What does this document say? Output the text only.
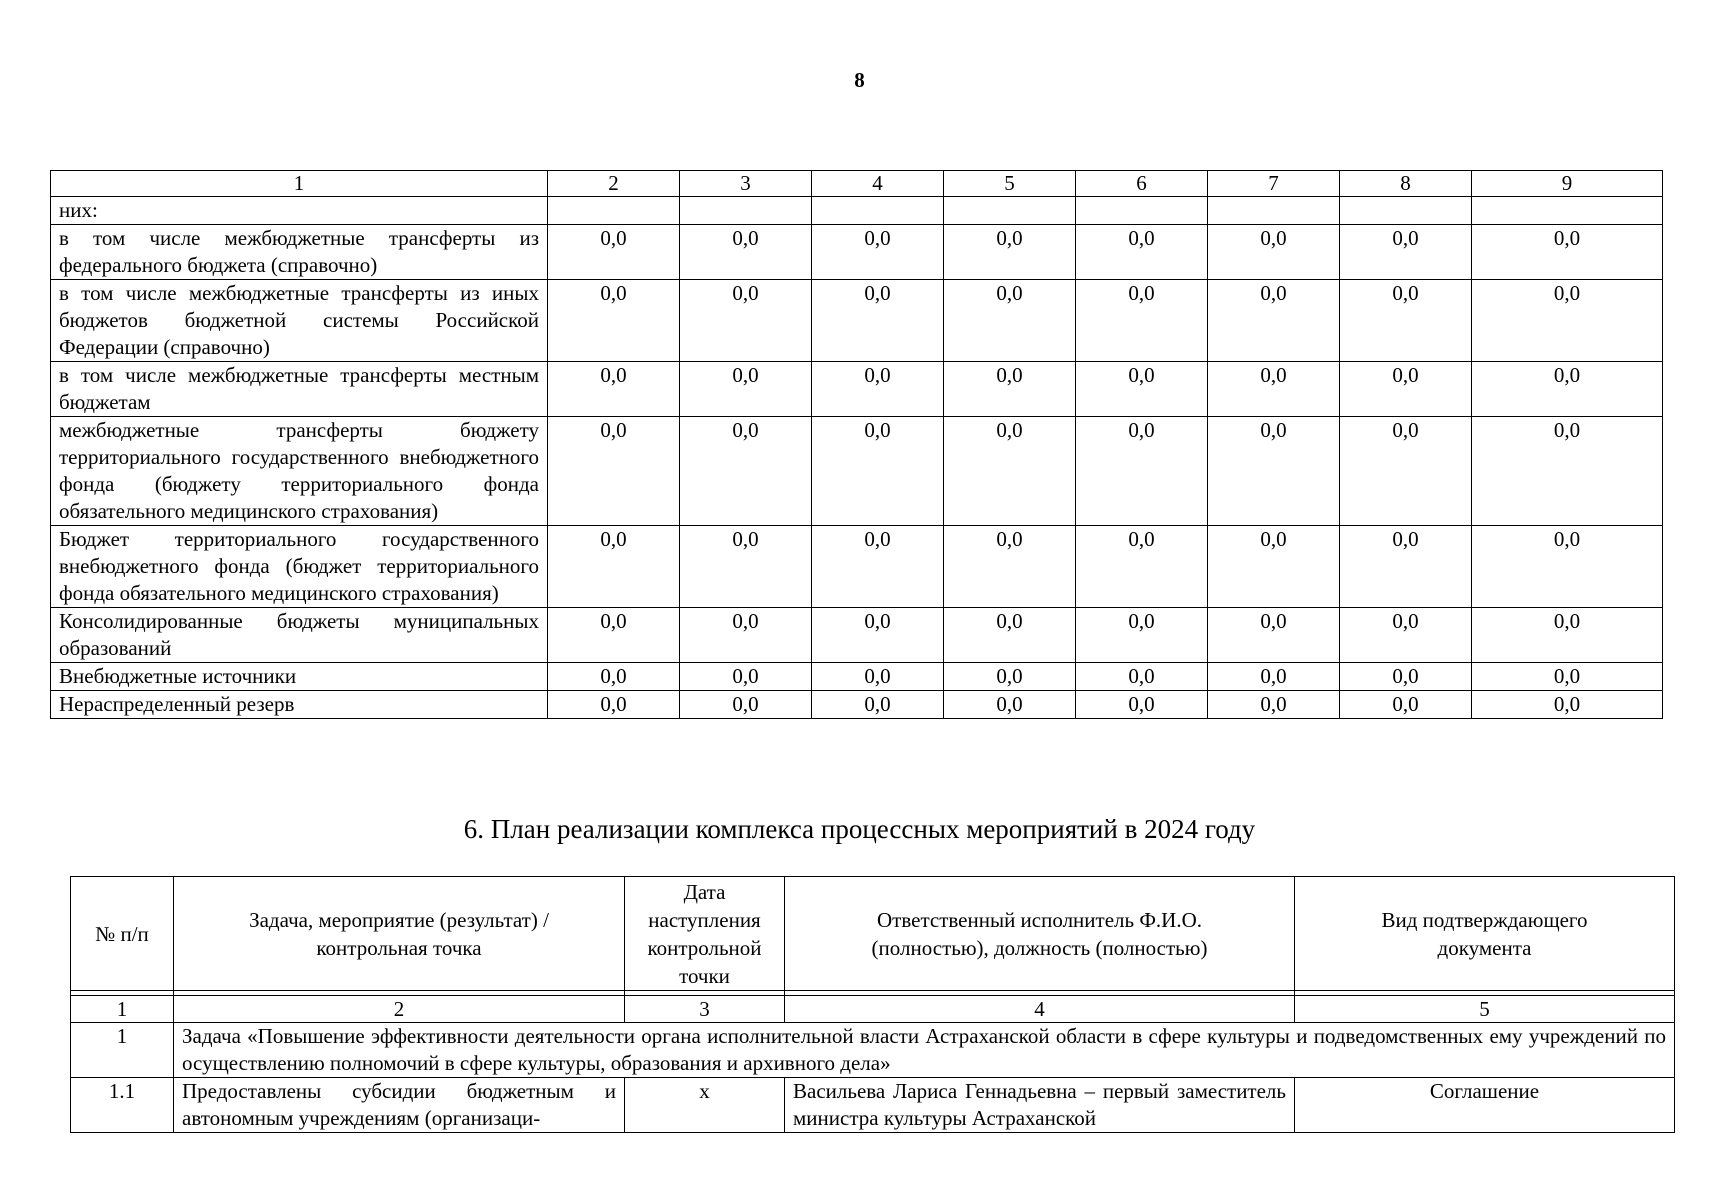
8
1	2	3	4	5	6	7	8	9
них:								
в том числе межбюджетные трансферты из федерального бюджета (справочно)	0,0	0,0	0,0	0,0	0,0	0,0	0,0	0,0
в том числе межбюджетные трансферты из иных бюджетов бюджетной системы Российской Федерации (справочно)	0,0	0,0	0,0	0,0	0,0	0,0	0,0	0,0
в том числе межбюджетные трансферты местным бюджетам	0,0	0,0	0,0	0,0	0,0	0,0	0,0	0,0
межбюджетные трансферты бюджету территориального государственного внебюджетного фонда (бюджету территориального фонда обязательного медицинского страхования)	0,0	0,0	0,0	0,0	0,0	0,0	0,0	0,0
Бюджет территориального государственного внебюджетного фонда (бюджет территориального фонда обязательного медицинского страхования)	0,0	0,0	0,0	0,0	0,0	0,0	0,0	0,0
Консолидированные бюджеты муниципальных образований	0,0	0,0	0,0	0,0	0,0	0,0	0,0	0,0
Внебюджетные источники	0,0	0,0	0,0	0,0	0,0	0,0	0,0	0,0
Нераспределенный резерв	0,0	0,0	0,0	0,0	0,0	0,0	0,0	0,0
6. План реализации комплекса процессных мероприятий в 2024 году
№ п/п	Задача, мероприятие (результат) / контрольная точка	Дата наступления контрольной точки	Ответственный исполнитель Ф.И.О. (полностью), должность (полностью)	Вид подтверждающего документа

1	2	3	4	5
1	Задача «Повышение эффективности деятельности органа исполнительной власти Астраханской области в сфере культуры и подведомственных ему учреждений по осуществлению полномочий в сфере культуры, образования и архивного дела»			
1.1	Предоставлены субсидии бюджетным и автономным учреждениям (организаци-	х	Васильева Лариса Геннадьевна – первый заместитель министра культуры Астраханской	Соглашение
